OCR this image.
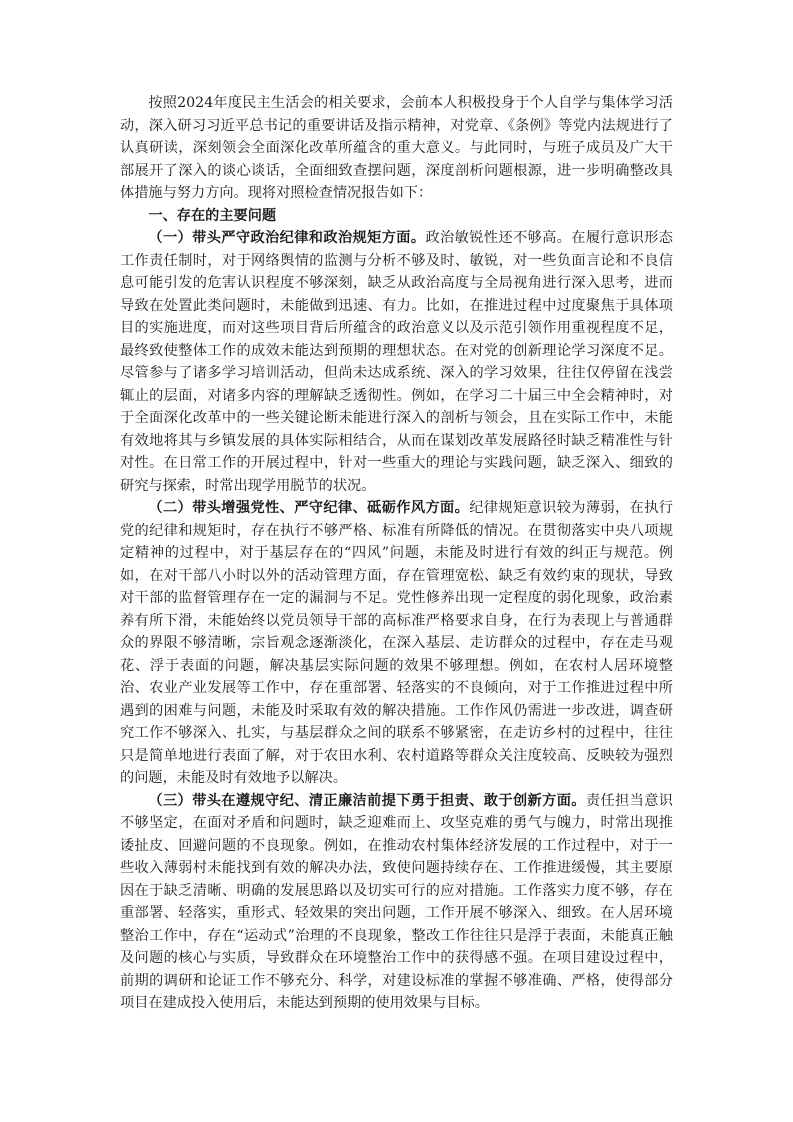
按照2024年度民主生活会的相关要求，会前本人积极投身于个人自学与集体学习活动，深入研习习近平总书记的重要讲话及指示精神，对党章、《条例》等党内法规进行了认真研读，深刻领会全面深化改革所蕴含的重大意义。与此同时，与班子成员及广大干部展开了深入的谈心谈话，全面细致查摆问题，深度剖析问题根源，进一步明确整改具体措施与努力方向。现将对照检查情况报告如下：

一、存在的主要问题

（一）带头严守政治纪律和政治规矩方面。政治敏锐性还不够高。在履行意识形态工作责任制时，对于网络舆情的监测与分析不够及时、敏锐，对一些负面言论和不良信息可能引发的危害认识程度不够深刻，缺乏从政治高度与全局视角进行深入思考，进而导致在处置此类问题时，未能做到迅速、有力。比如，在推进过程中过度聚焦于具体项目的实施进度，而对这些项目背后所蕴含的政治意义以及示范引领作用重视程度不足，最终致使整体工作的成效未能达到预期的理想状态。在对党的创新理论学习深度不足。尽管参与了诸多学习培训活动，但尚未达成系统、深入的学习效果，往往仅停留在浅尝辄止的层面，对诸多内容的理解缺乏透彻性。例如，在学习二十届三中全会精神时，对于全面深化改革中的一些关键论断未能进行深入的剖析与领会，且在实际工作中，未能有效地将其与乡镇发展的具体实际相结合，从而在谋划改革发展路径时缺乏精准性与针对性。在日常工作的开展过程中，针对一些重大的理论与实践问题，缺乏深入、细致的研究与探索，时常出现学用脱节的状况。

（二）带头增强党性、严守纪律、砥砺作风方面。纪律规矩意识较为薄弱，在执行党的纪律和规矩时，存在执行不够严格、标准有所降低的情况。在贯彻落实中央八项规定精神的过程中，对于基层存在的“四风”问题，未能及时进行有效的纠正与规范。例如，在对干部八小时以外的活动管理方面，存在管理宽松、缺乏有效约束的现状，导致对干部的监督管理存在一定的漏洞与不足。党性修养出现一定程度的弱化现象，政治素养有所下滑，未能始终以党员领导干部的高标准严格要求自身，在行为表现上与普通群众的界限不够清晰，宗旨观念逐渐淡化，在深入基层、走访群众的过程中，存在走马观花、浮于表面的问题，解决基层实际问题的效果不够理想。例如，在农村人居环境整治、农业产业发展等工作中，存在重部署、轻落实的不良倾向，对于工作推进过程中所遇到的困难与问题，未能及时采取有效的解决措施。工作作风仍需进一步改进，调查研究工作不够深入、扎实，与基层群众之间的联系不够紧密，在走访乡村的过程中，往往只是简单地进行表面了解，对于农田水利、农村道路等群众关注度较高、反映较为强烈的问题，未能及时有效地予以解决。

（三）带头在遵规守纪、清正廉洁前提下勇于担责、敢于创新方面。责任担当意识不够坚定，在面对矛盾和问题时，缺乏迎难而上、攻坚克难的勇气与魄力，时常出现推诿扯皮、回避问题的不良现象。例如，在推动农村集体经济发展的工作过程中，对于一些收入薄弱村未能找到有效的解决办法，致使问题持续存在、工作推进缓慢，其主要原因在于缺乏清晰、明确的发展思路以及切实可行的应对措施。工作落实力度不够，存在重部署、轻落实，重形式、轻效果的突出问题，工作开展不够深入、细致。在人居环境整治工作中，存在“运动式”治理的不良现象，整改工作往往只是浮于表面，未能真正触及问题的核心与实质，导致群众在环境整治工作中的获得感不强。在项目建设过程中，前期的调研和论证工作不够充分、科学，对建设标准的掌握不够准确、严格，使得部分项目在建成投入使用后，未能达到预期的使用效果与目标。
